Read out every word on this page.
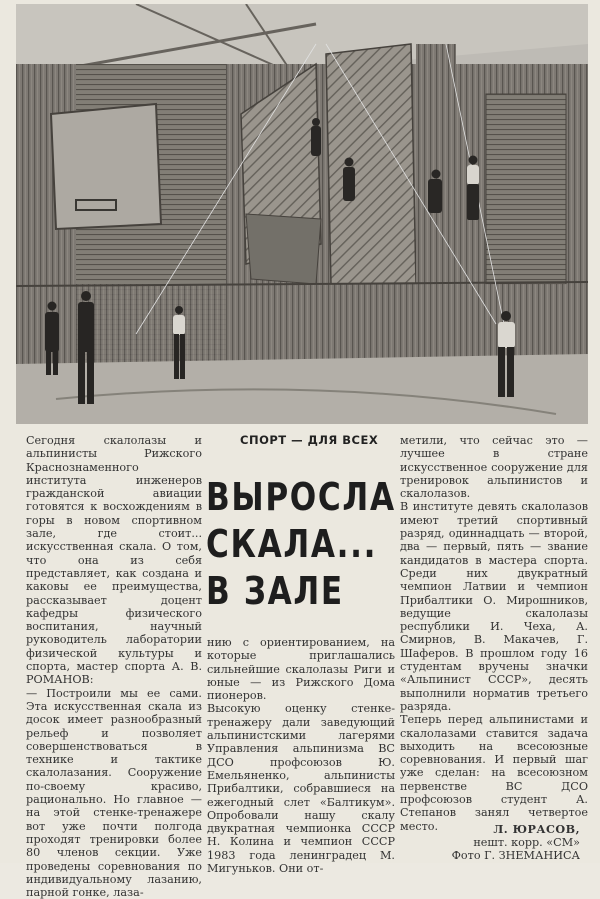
СПОРТ — ДЛЯ ВСЕХ
ВЫРОСЛА
СКАЛА...
В ЗАЛЕ
Сегодня скалолазы и альпинисты Рижского Краснознаменного института инженеров гражданской авиации готовятся к восхождениям в горы в новом спортивном зале, где стоит... искусственная скала. О том, что она из себя представляет, как создана и каковы ее преимущества, рассказывает доцент кафедры физического воспитания, научный руководитель лаборатории физической культуры и спорта, мастер спорта А. В. РОМАНОВ:
— Построили мы ее сами. Эта искусственная скала из досок имеет разнообразный рельеф и позволяет совершенствоваться в технике и тактике скалолазания. Сооружение по-своему красиво, рационально. Но главное — на этой стенке-тренажере вот уже почти полгода проходят тренировки более 80 членов секции. Уже проведены соревнования по индивидуальному лазанию, парной гонке, лаза-
нию с ориентированием, на которые приглашались сильнейшие скалолазы Риги и юные — из Рижского Дома пионеров.
Высокую оценку стенке-тренажеру дали заведующий альпинистскими лагерями Управления альпинизма ВС ДСО профсоюзов Ю. Емельяненко, альпинисты Прибалтики, собравшиеся на ежегодный слет «Балтикум». Опробовали нашу скалу двукратная чемпионка СССР Н. Колина и чемпион СССР 1983 года ленинградец М. Мигуньков. Они от-
метили, что сейчас это — лучшее в стране искусственное сооружение для тренировок альпинистов и скалолазов.
В институте девять скалолазов имеют третий спортивный разряд, одиннадцать — второй, два — первый, пять — звание кандидатов в мастера спорта. Среди них двукратный чемпион Латвии и чемпион Прибалтики О. Мирошников, ведущие скалолазы республики И. Чеха, А. Смирнов, В. Макачев, Г. Шаферов. В прошлом году 16 студентам вручены значки «Альпинист СССР», десять выполнили норматив третьего разряда.
Теперь перед альпинистами и скалолазами ставится задача выходить на всесоюзные соревнования. И первый шаг уже сделан: на всесоюзном первенстве ВС ДСО профсоюзов студент А. Степанов занял четвертое место.	Л. ЮРАСОВ,
нешт. корр. «СМ»
Фото Г. ЗНЕМАНИСА
